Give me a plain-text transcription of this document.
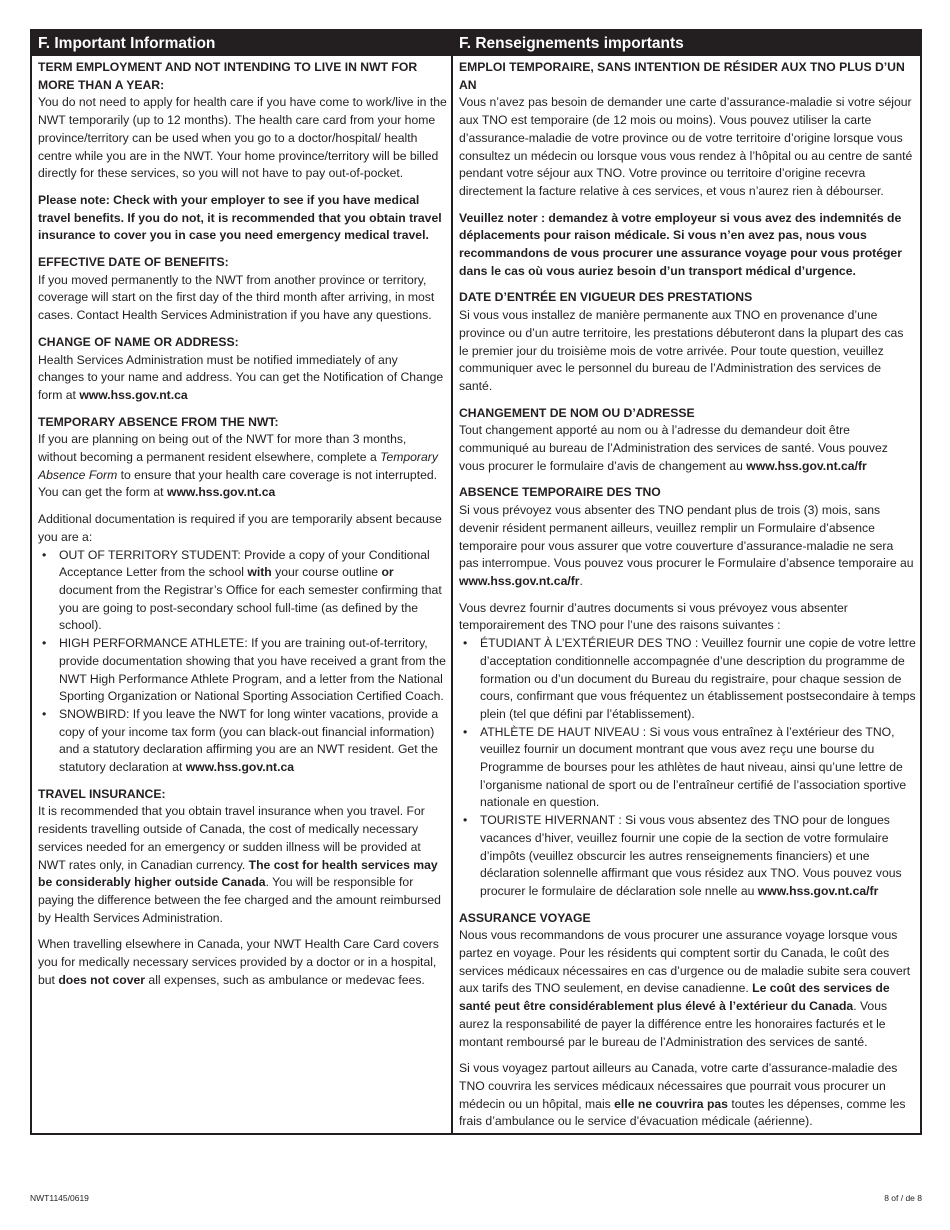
F. Important Information

TERM EMPLOYMENT AND NOT INTENDING TO LIVE IN NWT FOR MORE THAN A YEAR:

You do not need to apply for health care if you have come to work/live in the NWT temporarily (up to 12 months). The health care card from your home province/territory can be used when you go to a doctor/hospital/ health centre while you are in the NWT. Your home province/territory will be billed directly for these services, so you will not have to pay out-of-pocket.

Please note: Check with your employer to see if you have medical travel benefits. If you do not, it is recommended that you obtain travel insurance to cover you in case you need emergency medical travel.

EFFECTIVE DATE OF BENEFITS:

If you moved permanently to the NWT from another province or territory, coverage will start on the first day of the third month after arriving, in most cases. Contact Health Services Administration if you have any questions.

CHANGE OF NAME OR ADDRESS:

Health Services Administration must be notified immediately of any changes to your name and address. You can get the Notification of Change form at www.hss.gov.nt.ca

TEMPORARY ABSENCE FROM THE NWT:

If you are planning on being out of the NWT for more than 3 months, without becoming a permanent resident elsewhere, complete a Temporary Absence Form to ensure that your health care coverage is not interrupted. You can get the form at www.hss.gov.nt.ca

Additional documentation is required if you are temporarily absent because you are a:

• OUT OF TERRITORY STUDENT: Provide a copy of your Conditional Acceptance Letter from the school with your course outline or document from the Registrar’s Office for each semester confirming that you are going to post-secondary school full-time (as defined by the school).
• HIGH PERFORMANCE ATHLETE: If you are training out-of-territory, provide documentation showing that you have received a grant from the NWT High Performance Athlete Program, and a letter from the National Sporting Organization or National Sporting Association Certified Coach.
• SNOWBIRD: If you leave the NWT for long winter vacations, provide a copy of your income tax form (you can black-out financial information) and a statutory declaration affirming you are an NWT resident. Get the statutory declaration at www.hss.gov.nt.ca

TRAVEL INSURANCE:

It is recommended that you obtain travel insurance when you travel. For residents travelling outside of Canada, the cost of medically necessary services needed for an emergency or sudden illness will be provided at NWT rates only, in Canadian currency. The cost for health services may be considerably higher outside Canada. You will be responsible for paying the difference between the fee charged and the amount reimbursed by Health Services Administration.

When travelling elsewhere in Canada, your NWT Health Care Card covers you for medically necessary services provided by a doctor or in a hospital, but does not cover all expenses, such as ambulance or medevac fees.

F. Renseignements importants

EMPLOI TEMPORAIRE, SANS INTENTION DE RÉSIDER AUX TNO PLUS D’UN AN

Vous n’avez pas besoin de demander une carte d’assurance-maladie si votre séjour aux TNO est temporaire (de 12 mois ou moins). Vous pouvez utiliser la carte d’assurance-maladie de votre province ou de votre territoire d’origine lorsque vous consultez un médecin ou lorsque vous vous rendez à l’hôpital ou au centre de santé pendant votre séjour aux TNO. Votre province ou territoire d’origine recevra directement la facture relative à ces services, et vous n’aurez rien à débourser.

Veuillez noter : demandez à votre employeur si vous avez des indemnités de déplacements pour raison médicale. Si vous n’en avez pas, nous vous recommandons de vous procurer une assurance voyage pour vous protéger dans le cas où vous auriez besoin d’un transport médical d’urgence.

DATE D’ENTRÉE EN VIGUEUR DES PRESTATIONS

Si vous vous installez de manière permanente aux TNO en provenance d’une province ou d’un autre territoire, les prestations débuteront dans la plupart des cas le premier jour du troisième mois de votre arrivée. Pour toute question, veuillez communiquer avec le personnel du bureau de l’Administration des services de santé.

CHANGEMENT DE NOM OU D’ADRESSE

Tout changement apporté au nom ou à l’adresse du demandeur doit être communiqué au bureau de l’Administration des services de santé. Vous pouvez vous procurer le formulaire d’avis de changement au www.hss.gov.nt.ca/fr

ABSENCE TEMPORAIRE DES TNO

Si vous prévoyez vous absenter des TNO pendant plus de trois (3) mois, sans devenir résident permanent ailleurs, veuillez remplir un Formulaire d’absence temporaire pour vous assurer que votre couverture d’assurance-maladie ne sera pas interrompue. Vous pouvez vous procurer le Formulaire d’absence temporaire au www.hss.gov.nt.ca/fr.

Vous devrez fournir d’autres documents si vous prévoyez vous absenter temporairement des TNO pour l’une des raisons suivantes :

• ÉTUDIANT À L’EXTÉRIEUR DES TNO : Veuillez fournir une copie de votre lettre d’acceptation conditionnelle accompagnée d’une description du programme de formation ou d’un document du Bureau du registraire, pour chaque session de cours, confirmant que vous fréquentez un établissement postsecondaire à temps plein (tel que défini par l’établissement).
• ATHLÈTE DE HAUT NIVEAU : Si vous vous entraînez à l’extérieur des TNO, veuillez fournir un document montrant que vous avez reçu une bourse du Programme de bourses pour les athlètes de haut niveau, ainsi qu’une lettre de l’organisme national de sport ou de l’entraîneur certifié de l’association sportive nationale en question.
• TOURISTE HIVERNANT : Si vous vous absentez des TNO pour de longues vacances d’hiver, veuillez fournir une copie de la section de votre formulaire d’impôts (veuillez obscurcir les autres renseignements financiers) et une déclaration solennelle affirmant que vous résidez aux TNO. Vous pouvez vous procurer le formulaire de déclaration sole nnelle au www.hss.gov.nt.ca/fr

ASSURANCE VOYAGE

Nous vous recommandons de vous procurer une assurance voyage lorsque vous partez en voyage. Pour les résidents qui comptent sortir du Canada, le coût des services médicaux nécessaires en cas d’urgence ou de maladie subite sera couvert aux tarifs des TNO seulement, en devise canadienne. Le coût des services de santé peut être considérablement plus élevé à l’extérieur du Canada. Vous aurez la responsabilité de payer la différence entre les honoraires facturés et le montant remboursé par le bureau de l’Administration des services de santé.

Si vous voyagez partout ailleurs au Canada, votre carte d’assurance-maladie des TNO couvrira les services médicaux nécessaires que pourrait vous procurer un médecin ou un hôpital, mais elle ne couvrira pas toutes les dépenses, comme les frais d’ambulance ou le service d’évacuation médicale (aérienne).

NWT1145/0619	8 of / de 8
